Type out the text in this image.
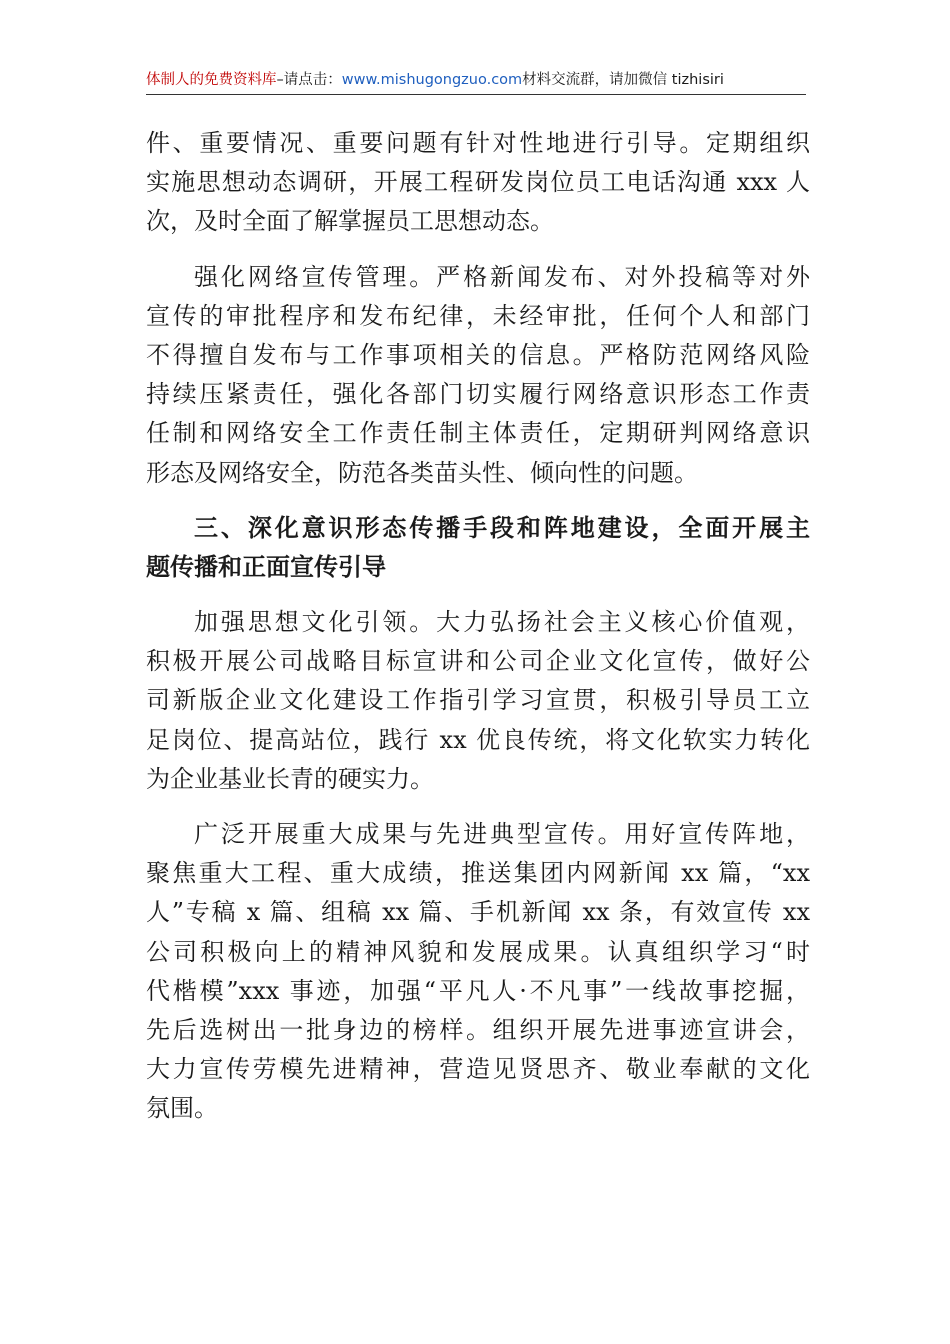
体制人的免费资料库–请点击：www.mishugongzuo.com材料交流群，请加微信 tizhisiri
件、重要情况、重要问题有针对性地进行引导。定期组织
实施思想动态调研，开展工程研发岗位员工电话沟通 xxx 人
次，及时全面了解掌握员工思想动态。
强化网络宣传管理。严格新闻发布、对外投稿等对外
宣传的审批程序和发布纪律，未经审批，任何个人和部门
不得擅自发布与工作事项相关的信息。严格防范网络风险
持续压紧责任，强化各部门切实履行网络意识形态工作责
任制和网络安全工作责任制主体责任，定期研判网络意识
形态及网络安全，防范各类苗头性、倾向性的问题。
三、深化意识形态传播手段和阵地建设，全面开展主
题传播和正面宣传引导
加强思想文化引领。大力弘扬社会主义核心价值观，
积极开展公司战略目标宣讲和公司企业文化宣传，做好公
司新版企业文化建设工作指引学习宣贯，积极引导员工立
足岗位、提高站位，践行 xx 优良传统，将文化软实力转化
为企业基业长青的硬实力。
广泛开展重大成果与先进典型宣传。用好宣传阵地，
聚焦重大工程、重大成绩，推送集团内网新闻 xx 篇，“xx
人”专稿 x 篇、组稿 xx 篇、手机新闻 xx 条，有效宣传 xx
公司积极向上的精神风貌和发展成果。认真组织学习“时
代楷模”xxx 事迹，加强“平凡人·不凡事”一线故事挖掘，
先后选树出一批身边的榜样。组织开展先进事迹宣讲会，
大力宣传劳模先进精神，营造见贤思齐、敬业奉献的文化
氛围。
